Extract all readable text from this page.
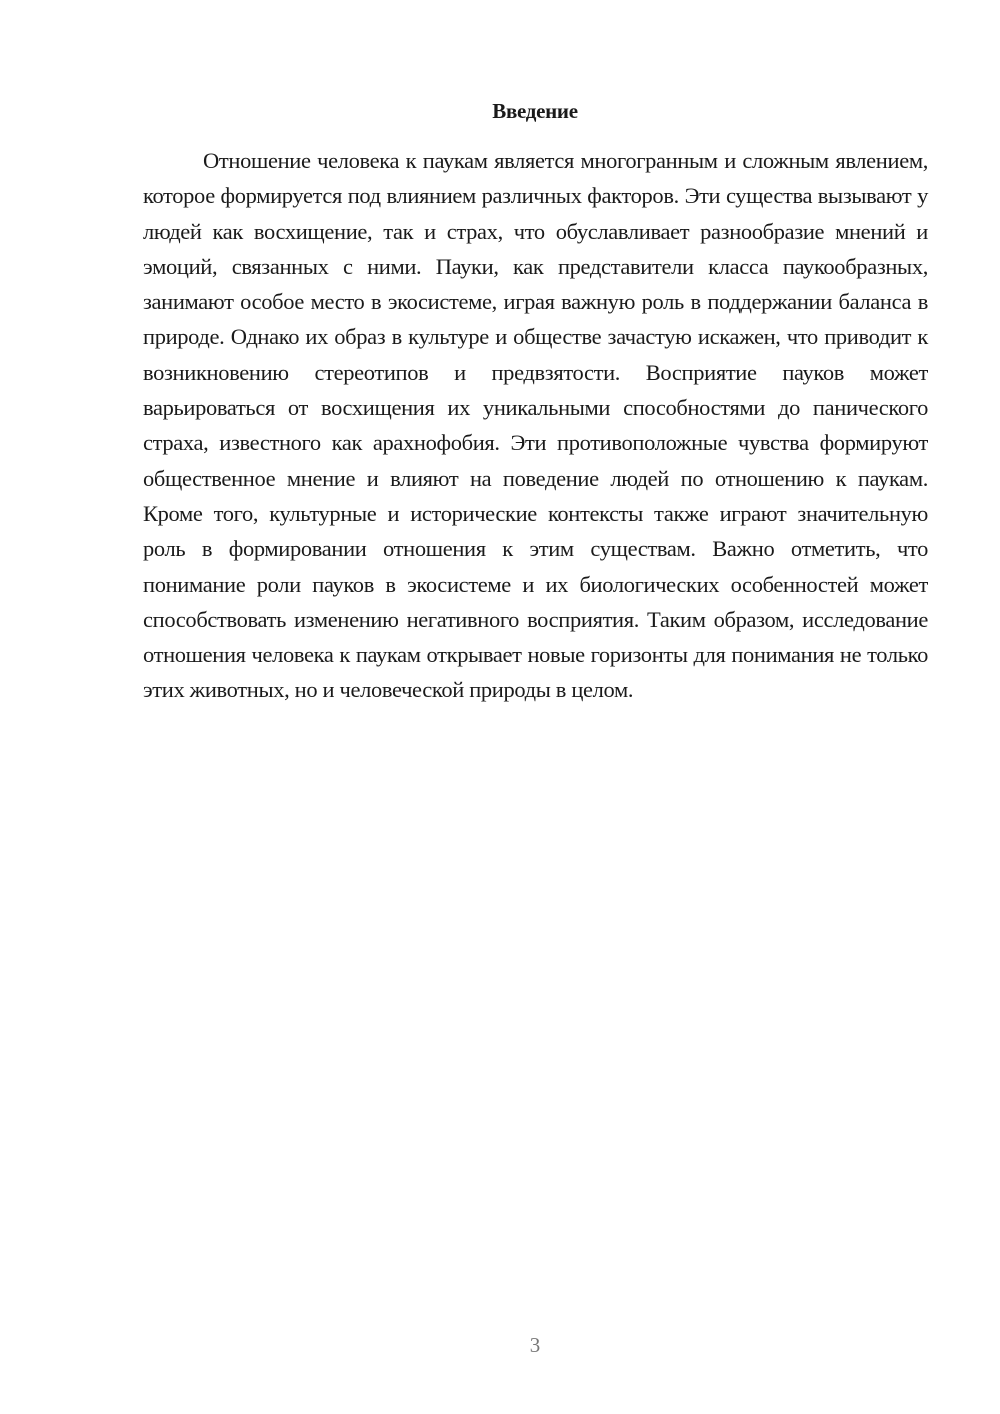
Введение

Отношение человека к паукам является многогранным и сложным явлением, которое формируется под влиянием различных факторов. Эти существа вызывают у людей как восхищение, так и страх, что обуславливает разнообразие мнений и эмоций, связанных с ними. Пауки, как представители класса паукообразных, занимают особое место в экосистеме, играя важную роль в поддержании баланса в природе. Однако их образ в культуре и обществе зачастую искажен, что приводит к возникновению стереотипов и предвзятости. Восприятие пауков может варьироваться от восхищения их уникальными способностями до панического страха, известного как арахнофобия. Эти противоположные чувства формируют общественное мнение и влияют на поведение людей по отношению к паукам. Кроме того, культурные и исторические контексты также играют значительную роль в формировании отношения к этим существам. Важно отметить, что понимание роли пауков в экосистеме и их биологических особенностей может способствовать изменению негативного восприятия. Таким образом, исследование отношения человека к паукам открывает новые горизонты для понимания не только этих животных, но и человеческой природы в целом.

3
